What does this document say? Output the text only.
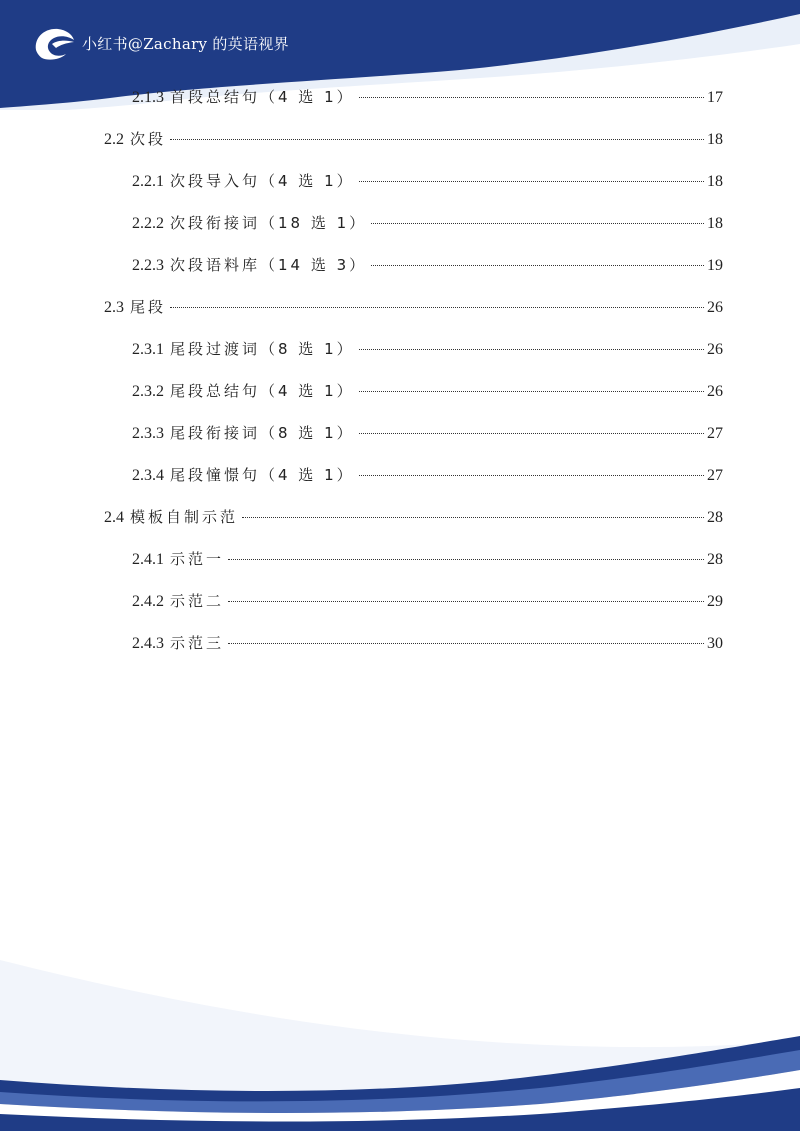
小红书@Zachary 的英语视界
2.1.3 首段总结句（4 选 1）	17
2.2 次段	18
2.2.1 次段导入句（4 选 1）	18
2.2.2 次段衔接词（18 选 1）	18
2.2.3 次段语料库（14 选 3）	19
2.3 尾段	26
2.3.1 尾段过渡词（8 选 1）	26
2.3.2 尾段总结句（4 选 1）	26
2.3.3 尾段衔接词（8 选 1）	27
2.3.4 尾段憧憬句（4 选 1）	27
2.4 模板自制示范	28
2.4.1 示范一	28
2.4.2 示范二	29
2.4.3 示范三	30
